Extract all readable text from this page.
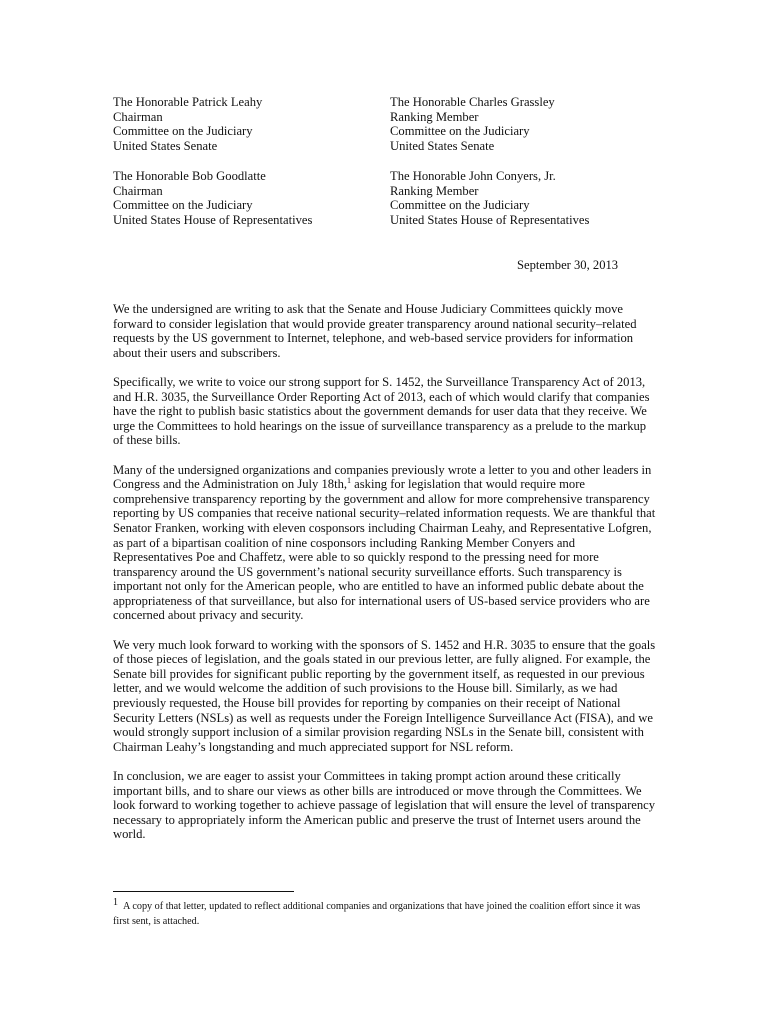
The Honorable Patrick Leahy
Chairman
Committee on the Judiciary
United States Senate
The Honorable Charles Grassley
Ranking Member
Committee on the Judiciary
United States Senate
The Honorable Bob Goodlatte
Chairman
Committee on the Judiciary
United States House of Representatives
The Honorable John Conyers, Jr.
Ranking Member
Committee on the Judiciary
United States House of Representatives
September 30, 2013

We the undersigned are writing to ask that the Senate and House Judiciary Committees quickly move forward to consider legislation that would provide greater transparency around national security–related requests by the US government to Internet, telephone, and web-based service providers for information about their users and subscribers.

Specifically, we write to voice our strong support for S. 1452, the Surveillance Transparency Act of 2013, and H.R. 3035, the Surveillance Order Reporting Act of 2013, each of which would clarify that companies have the right to publish basic statistics about the government demands for user data that they receive. We urge the Committees to hold hearings on the issue of surveillance transparency as a prelude to the markup of these bills.

Many of the undersigned organizations and companies previously wrote a letter to you and other leaders in Congress and the Administration on July 18th,$^1$ asking for legislation that would require more comprehensive transparency reporting by the government and allow for more comprehensive transparency reporting by US companies that receive national security–related information requests. We are thankful that Senator Franken, working with eleven cosponsors including Chairman Leahy, and Representative Lofgren, as part of a bipartisan coalition of nine cosponsors including Ranking Member Conyers and Representatives Poe and Chaffetz, were able to so quickly respond to the pressing need for more transparency around the US government’s national security surveillance efforts. Such transparency is important not only for the American people, who are entitled to have an informed public debate about the appropriateness of that surveillance, but also for international users of US-based service providers who are concerned about privacy and security.

We very much look forward to working with the sponsors of S. 1452 and H.R. 3035 to ensure that the goals of those pieces of legislation, and the goals stated in our previous letter, are fully aligned. For example, the Senate bill provides for significant public reporting by the government itself, as requested in our previous letter, and we would welcome the addition of such provisions to the House bill. Similarly, as we had previously requested, the House bill provides for reporting by companies on their receipt of National Security Letters (NSLs) as well as requests under the Foreign Intelligence Surveillance Act (FISA), and we would strongly support inclusion of a similar provision regarding NSLs in the Senate bill, consistent with Chairman Leahy’s longstanding and much appreciated support for NSL reform.

In conclusion, we are eager to assist your Committees in taking prompt action around these critically important bills, and to share our views as other bills are introduced or move through the Committees. We look forward to working together to achieve passage of legislation that will ensure the level of transparency necessary to appropriately inform the American public and preserve the trust of Internet users around the world.

1 A copy of that letter, updated to reflect additional companies and organizations that have joined the coalition effort since it was first sent, is attached.
